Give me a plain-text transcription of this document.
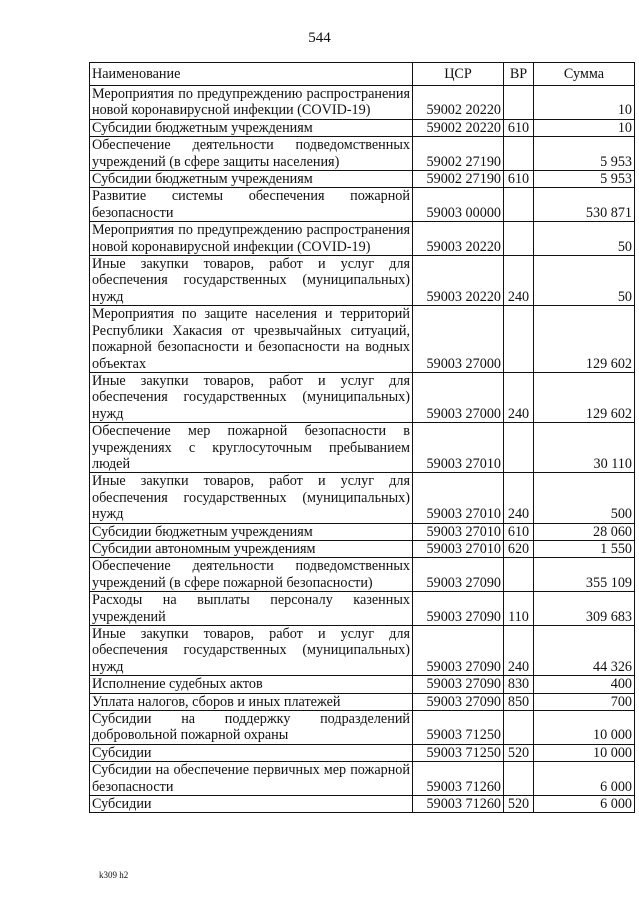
544
Наименование	ЦСР	ВР	Сумма
Мероприятия по предупреждению распространения новой коронавирусной инфекции (COVID-19)	59002 20220		10
Субсидии бюджетным учреждениям	59002 20220	610	10
Обеспечение деятельности подведомственных учреждений (в сфере защиты населения)	59002 27190		5 953
Субсидии бюджетным учреждениям	59002 27190	610	5 953
Развитие системы обеспечения пожарной безопасности	59003 00000		530 871
Мероприятия по предупреждению распространения новой коронавирусной инфекции (COVID-19)	59003 20220		50
Иные закупки товаров, работ и услуг для обеспечения государственных (муниципальных) нужд	59003 20220	240	50
Мероприятия по защите населения и территорий Республики Хакасия от чрезвычайных ситуаций, пожарной безопасности и безопасности на водных объектах	59003 27000		129 602
Иные закупки товаров, работ и услуг для обеспечения государственных (муниципальных) нужд	59003 27000	240	129 602
Обеспечение мер пожарной безопасности в учреждениях с круглосуточным пребыванием людей	59003 27010		30 110
Иные закупки товаров, работ и услуг для обеспечения государственных (муниципальных) нужд	59003 27010	240	500
Субсидии бюджетным учреждениям	59003 27010	610	28 060
Субсидии автономным учреждениям	59003 27010	620	1 550
Обеспечение деятельности подведомственных учреждений (в сфере пожарной безопасности)	59003 27090		355 109
Расходы на выплаты персоналу казенных учреждений	59003 27090	110	309 683
Иные закупки товаров, работ и услуг для обеспечения государственных (муниципальных) нужд	59003 27090	240	44 326
Исполнение судебных актов	59003 27090	830	400
Уплата налогов, сборов и иных платежей	59003 27090	850	700
Субсидии на поддержку подразделений добровольной пожарной охраны	59003 71250		10 000
Субсидии	59003 71250	520	10 000
Субсидии на обеспечение первичных мер пожарной безопасности	59003 71260		6 000
Субсидии	59003 71260	520	6 000
k309 h2
